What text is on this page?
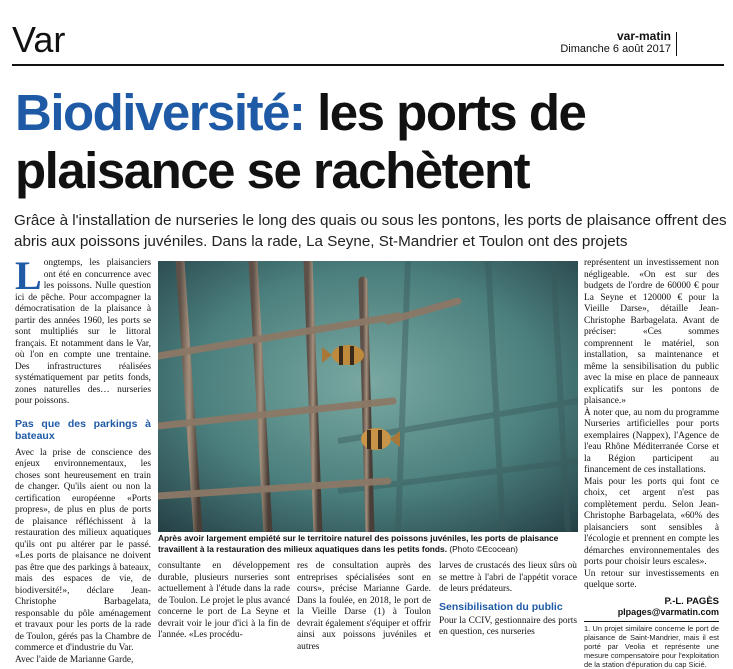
Var	var-matin
Dimanche 6 août 2017
Biodiversité: les ports de plaisance se rachètent
Grâce à l'installation de nurseries le long des quais ou sous les pontons, les ports de plaisance offrent des abris aux poissons juvéniles. Dans la rade, La Seyne, St-Mandrier et Toulon ont des projets

Longtemps, les plaisanciers ont été en concurrence avec les poissons. Nulle question ici de pêche. Pour accompagner la démocratisation de la plaisance à partir des années 1960, les ports se sont multipliés sur le littoral français. Et notamment dans le Var, où l'on en compte une trentaine. Des infrastructures réalisées systématiquement par petits fonds, zones naturelles des… nurseries pour poissons.

Pas que des parkings à bateaux

Avec la prise de conscience des enjeux environnementaux, les choses sont heureusement en train de changer. Qu'ils aient ou non la certification européenne «Ports propres», de plus en plus de ports de plaisance réfléchissent à la restauration des milieux aquatiques qu'ils ont pu altérer par le passé. «Les ports de plaisance ne doivent pas être que des parkings à bateaux, mais des espaces de vie, de biodiversité!», déclare Jean-Christophe Barbagelata, responsable du pôle aménagement et travaux pour les ports de la rade de Toulon, gérés pas la Chambre de commerce et d'industrie du Var.

Avec l'aide de Marianne Garde,

Après avoir largement empiété sur le territoire naturel des poissons juvéniles, les ports de plaisance travaillent à la restauration des milieux aquatiques dans les petits fonds. (Photo ©Ecocean)

consultante en développement durable, plusieurs nurseries sont actuellement à l'étude dans la rade de Toulon. Le projet le plus avancé concerne le port de La Seyne et devrait voir le jour d'ici à la fin de l'année. «Les procédu-

res de consultation auprès des entreprises spécialisées sont en cours», précise Marianne Garde. Dans la foulée, en 2018, le port de la Vieille Darse (1) à Toulon devrait également s'équiper et offrir ainsi aux poissons juvéniles et autres

larves de crustacés des lieux sûrs où se mettre à l'abri de l'appétit vorace de leurs prédateurs.

Sensibilisation du public

Pour la CCIV, gestionnaire des ports en question, ces nurseries

représentent un investissement non négligeable. «On est sur des budgets de l'ordre de 60000 € pour La Seyne et 120000 € pour la Vieille Darse», détaille Jean-Christophe Barbagelata. Avant de préciser: «Ces sommes comprennent le matériel, son installation, sa maintenance et même la sensibilisation du public avec la mise en place de panneaux explicatifs sur les pontons de plaisance.»

À noter que, au nom du programme Nurseries artificielles pour ports exemplaires (Nappex), l'Agence de l'eau Rhône Méditerranée Corse et la Région participent au financement de ces installations.

Mais pour les ports qui font ce choix, cet argent n'est pas complètement perdu. Selon Jean-Christophe Barbagelata, «60% des plaisanciers sont sensibles à l'écologie et prennent en compte les démarches environnementales des ports pour choisir leurs escales».

Un retour sur investissements en quelque sorte.

P.-L. PAGÈS
plpages@varmatin.com
1. Un projet similaire concerne le port de plaisance de Saint-Mandrier, mais il est porté par Veolia et représente une mesure compensatoire pour l'exploitation de la station d'épuration du cap Sicié.
